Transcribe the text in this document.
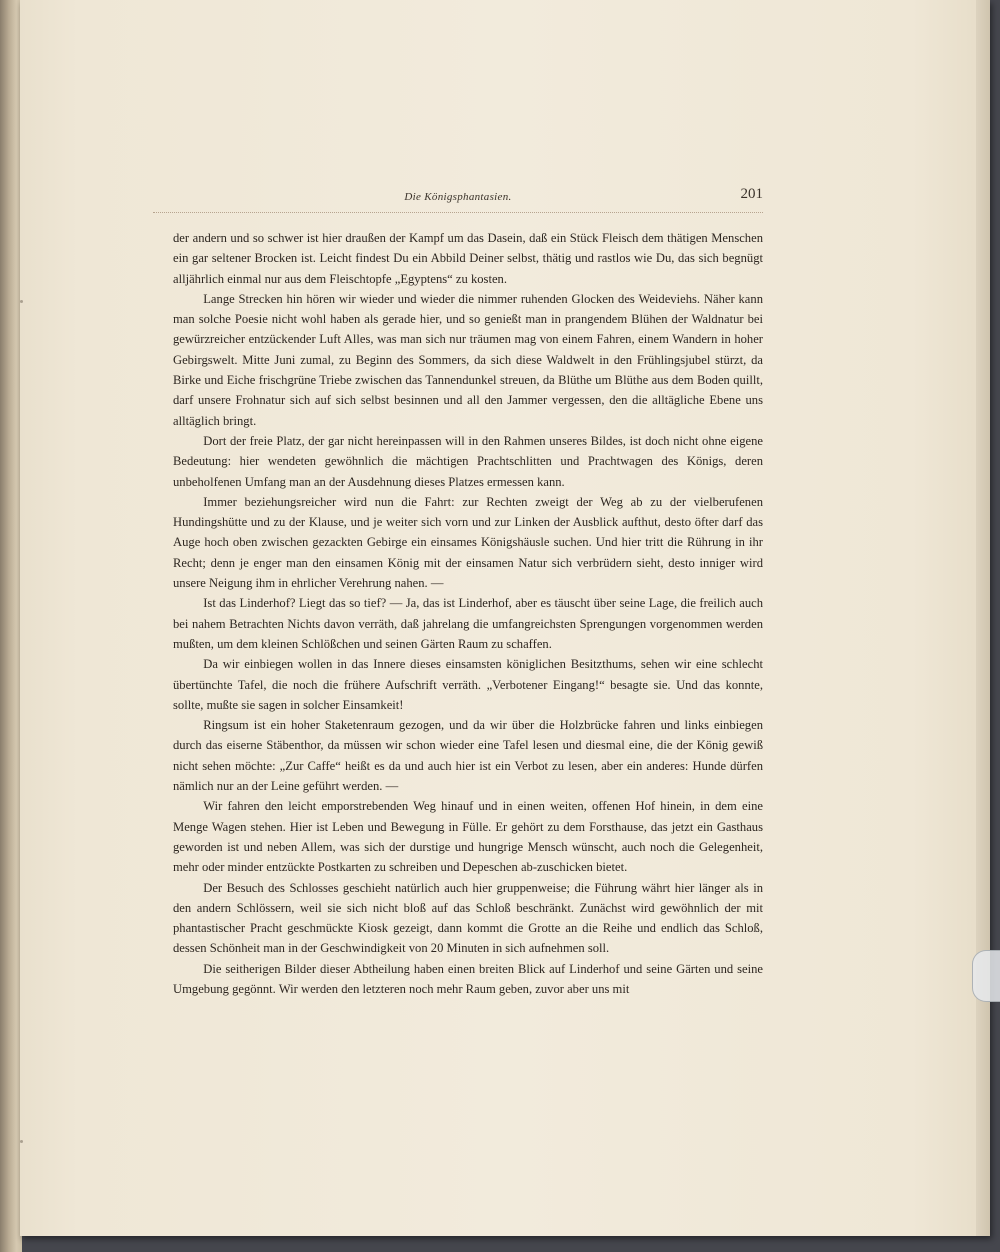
Die Königsphantasien.	201

der andern und so schwer ist hier draußen der Kampf um das Dasein, daß ein Stück Fleisch dem thätigen Menschen ein gar seltener Brocken ist. Leicht findest Du ein Abbild Deiner selbst, thätig und rastlos wie Du, das sich begnügt alljährlich einmal nur aus dem Fleischtopfe „Egyptens“ zu kosten.

Lange Strecken hin hören wir wieder und wieder die nimmer ruhenden Glocken des Weideviehs. Näher kann man solche Poesie nicht wohl haben als gerade hier, und so genießt man in prangendem Blühen der Waldnatur bei gewürzreicher entzückender Luft Alles, was man sich nur träumen mag von einem Fahren, einem Wandern in hoher Gebirgswelt. Mitte Juni zumal, zu Beginn des Sommers, da sich diese Waldwelt in den Frühlingsjubel stürzt, da Birke und Eiche frischgrüne Triebe zwischen das Tannendunkel streuen, da Blüthe um Blüthe aus dem Boden quillt, darf unsere Frohnatur sich auf sich selbst besinnen und all den Jammer vergessen, den die alltägliche Ebene uns alltäglich bringt.

Dort der freie Platz, der gar nicht hereinpassen will in den Rahmen unseres Bildes, ist doch nicht ohne eigene Bedeutung: hier wendeten gewöhnlich die mächtigen Prachtschlitten und Prachtwagen des Königs, deren unbeholfenen Umfang man an der Ausdehnung dieses Platzes ermessen kann.

Immer beziehungsreicher wird nun die Fahrt: zur Rechten zweigt der Weg ab zu der vielberufenen Hundingshütte und zu der Klause, und je weiter sich vorn und zur Linken der Ausblick aufthut, desto öfter darf das Auge hoch oben zwischen gezackten Gebirge ein einsames Königshäusle suchen. Und hier tritt die Rührung in ihr Recht; denn je enger man den einsamen König mit der einsamen Natur sich verbrüdern sieht, desto inniger wird unsere Neigung ihm in ehrlicher Verehrung nahen. —

Ist das Linderhof? Liegt das so tief? — Ja, das ist Linderhof, aber es täuscht über seine Lage, die freilich auch bei nahem Betrachten Nichts davon verräth, daß jahrelang die umfangreichsten Sprengungen vorgenommen werden mußten, um dem kleinen Schlößchen und seinen Gärten Raum zu schaffen.

Da wir einbiegen wollen in das Innere dieses einsamsten königlichen Besitzthums, sehen wir eine schlecht übertünchte Tafel, die noch die frühere Aufschrift verräth. „Verbotener Eingang!“ besagte sie. Und das konnte, sollte, mußte sie sagen in solcher Einsamkeit!

Ringsum ist ein hoher Staketenraum gezogen, und da wir über die Holzbrücke fahren und links einbiegen durch das eiserne Stäbenthor, da müssen wir schon wieder eine Tafel lesen und diesmal eine, die der König gewiß nicht sehen möchte: „Zur Caffe“ heißt es da und auch hier ist ein Verbot zu lesen, aber ein anderes: Hunde dürfen nämlich nur an der Leine geführt werden. —

Wir fahren den leicht emporstrebenden Weg hinauf und in einen weiten, offenen Hof hinein, in dem eine Menge Wagen stehen. Hier ist Leben und Bewegung in Fülle. Er gehört zu dem Forsthause, das jetzt ein Gasthaus geworden ist und neben Allem, was sich der durstige und hungrige Mensch wünscht, auch noch die Gelegenheit, mehr oder minder entzückte Postkarten zu schreiben und Depeschen ab-zuschicken bietet.

Der Besuch des Schlosses geschieht natürlich auch hier gruppenweise; die Führung währt hier länger als in den andern Schlössern, weil sie sich nicht bloß auf das Schloß beschränkt. Zunächst wird gewöhnlich der mit phantastischer Pracht geschmückte Kiosk gezeigt, dann kommt die Grotte an die Reihe und endlich das Schloß, dessen Schönheit man in der Geschwindigkeit von 20 Minuten in sich aufnehmen soll.

Die seitherigen Bilder dieser Abtheilung haben einen breiten Blick auf Linderhof und seine Gärten und seine Umgebung gegönnt. Wir werden den letzteren noch mehr Raum geben, zuvor aber uns mit
